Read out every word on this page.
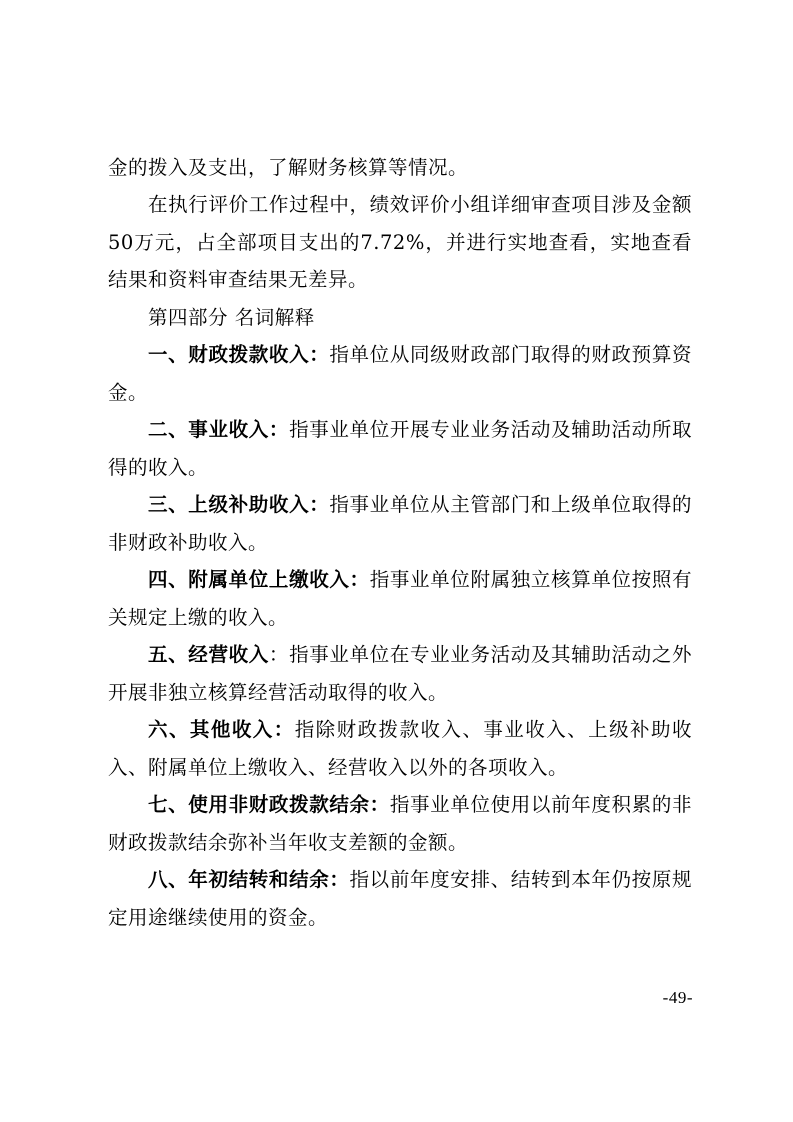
金的拨入及支出，了解财务核算等情况。
在执行评价工作过程中，绩效评价小组详细审查项目涉及金额50万元，占全部项目支出的7.72%，并进行实地查看，实地查看结果和资料审查结果无差异。
第四部分 名词解释
一、财政拨款收入：指单位从同级财政部门取得的财政预算资金。
二、事业收入：指事业单位开展专业业务活动及辅助活动所取得的收入。
三、上级补助收入：指事业单位从主管部门和上级单位取得的非财政补助收入。
四、附属单位上缴收入：指事业单位附属独立核算单位按照有关规定上缴的收入。
五、经营收入：指事业单位在专业业务活动及其辅助活动之外开展非独立核算经营活动取得的收入。
六、其他收入：指除财政拨款收入、事业收入、上级补助收入、附属单位上缴收入、经营收入以外的各项收入。
七、使用非财政拨款结余：指事业单位使用以前年度积累的非财政拨款结余弥补当年收支差额的金额。
八、年初结转和结余：指以前年度安排、结转到本年仍按原规定用途继续使用的资金。
-49-
